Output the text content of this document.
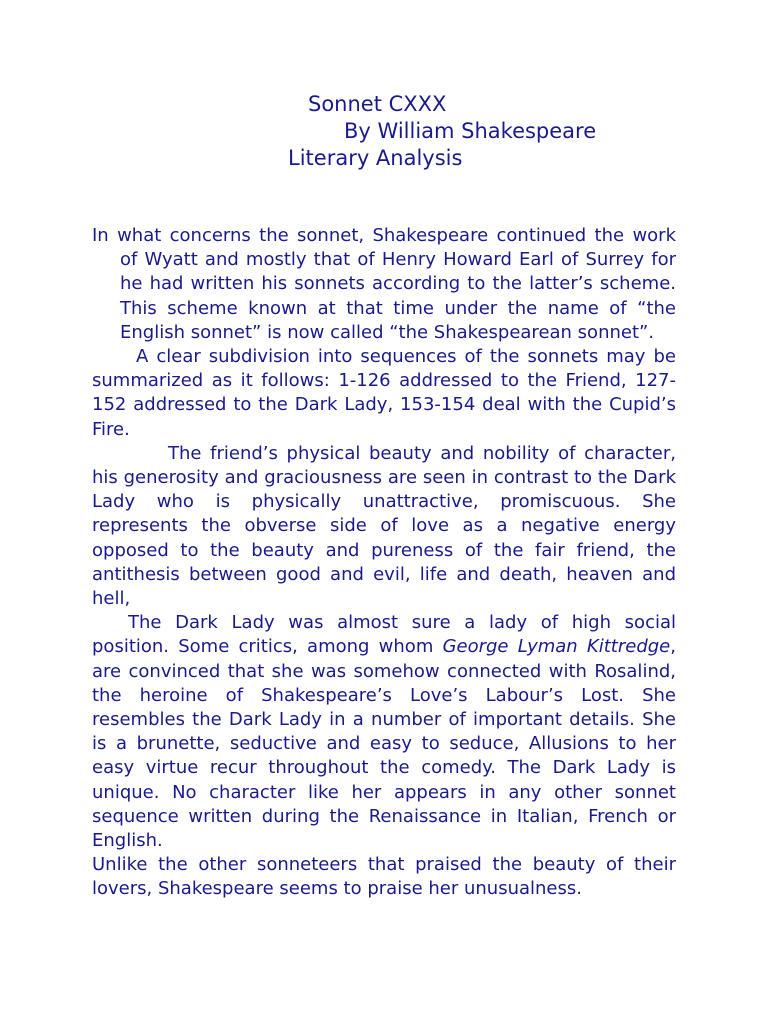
Sonnet CXXX
By William Shakespeare
Literary Analysis

In what concerns the sonnet, Shakespeare continued the work of Wyatt and mostly that of Henry Howard Earl of Surrey for he had written his sonnets according to the latter’s scheme. This scheme known at that time under the name of “the English sonnet” is now called “the Shakespearean sonnet”.

A clear subdivision into sequences of the sonnets may be summarized as it follows: 1-126 addressed to the Friend, 127-152 addressed to the Dark Lady, 153-154 deal with the Cupid’s Fire.

The friend’s physical beauty and nobility of character, his generosity and graciousness are seen in contrast to the Dark Lady who is physically unattractive, promiscuous. She represents the obverse side of love as a negative energy opposed to the beauty and pureness of the fair friend, the antithesis between good and evil, life and death, heaven and hell,

The Dark Lady was almost sure a lady of high social position. Some critics, among whom George Lyman Kittredge, are convinced that she was somehow connected with Rosalind, the heroine of Shakespeare’s Love’s Labour’s Lost. She resembles the Dark Lady in a number of important details. She is a brunette, seductive and easy to seduce, Allusions to her easy virtue recur throughout the comedy. The Dark Lady is unique. No character like her appears in any other sonnet sequence written during the Renaissance in Italian, French or English.

Unlike the other sonneteers that praised the beauty of their lovers, Shakespeare seems to praise her unusualness.
